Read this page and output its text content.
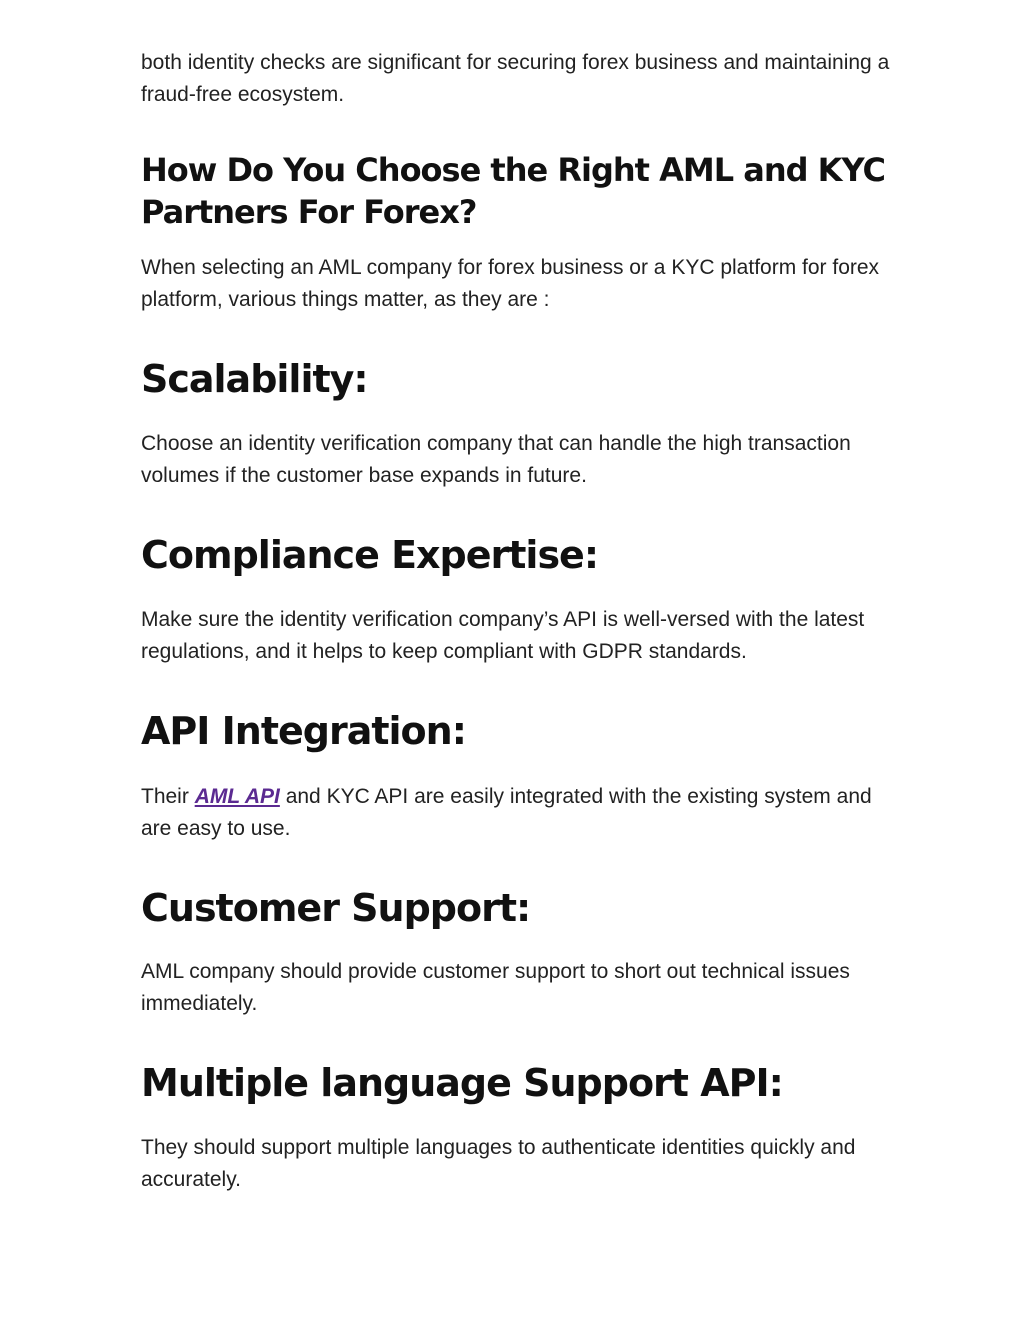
both identity checks are significant for securing forex business and maintaining a fraud-free ecosystem.

How Do You Choose the Right AML and KYC Partners For Forex?

When selecting an AML company for forex business or a KYC platform for forex platform, various things matter, as they are :

Scalability:

Choose an identity verification company that can handle the high transaction volumes if the customer base expands in future.

Compliance Expertise:

Make sure the identity verification company’s API is well-versed with the latest regulations, and it helps to keep compliant with GDPR standards.

API Integration:

Their AML API and KYC API are easily integrated with the existing system and are easy to use.

Customer Support:

AML company should provide customer support to short out technical issues immediately.

Multiple language Support API:

They should support multiple languages to authenticate identities quickly and accurately.
